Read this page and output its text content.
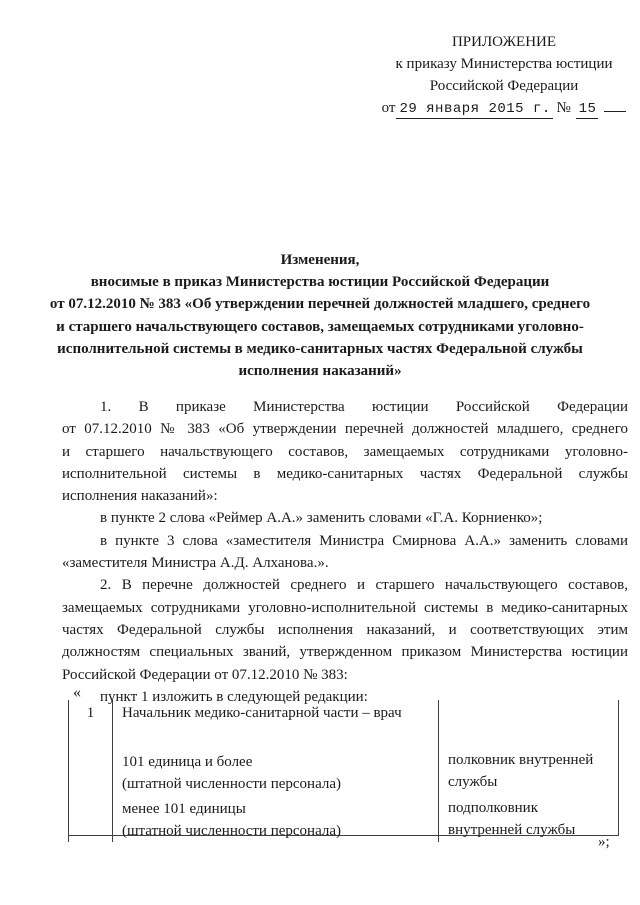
ПРИЛОЖЕНИЕ
к приказу Министерства юстиции
Российской Федерации
от 29 января 2015 г. № 15
Изменения,
вносимые в приказ Министерства юстиции Российской Федерации
от 07.12.2010 № 383 «Об утверждении перечней должностей младшего, среднего
и старшего начальствующего составов, замещаемых сотрудниками уголовно-
исполнительной системы в медико-санитарных частях Федеральной службы
исполнения наказаний»
1. В приказе Министерства юстиции Российской Федерации
от 07.12.2010 № 383 «Об утверждении перечней должностей младшего, среднего
и старшего начальствующего составов, замещаемых сотрудниками уголовно-
исполнительной системы в медико-санитарных частях Федеральной службы
исполнения наказаний»:
в пункте 2 слова «Реймер А.А.» заменить словами «Г.А. Корниенко»;
в пункте 3 слова «заместителя Министра Смирнова А.А.» заменить словами
«заместителя Министра А.Д. Алханова.».
2. В перечне должностей среднего и старшего начальствующего составов,
замещаемых сотрудниками уголовно-исполнительной системы в медико-санитарных
частях Федеральной службы исполнения наказаний, и соответствующих этим
должностям специальных званий, утвержденном приказом Министерства юстиции
Российской Федерации от 07.12.2010 № 383:
пункт 1 изложить в следующей редакции:
«
1	Начальник медико-санитарной части – врач
101 единица и более
(штатной численности персонала)
менее 101 единицы
(штатной численности персонала)
полковник внутренней службы
подполковник внутренней службы
»;
